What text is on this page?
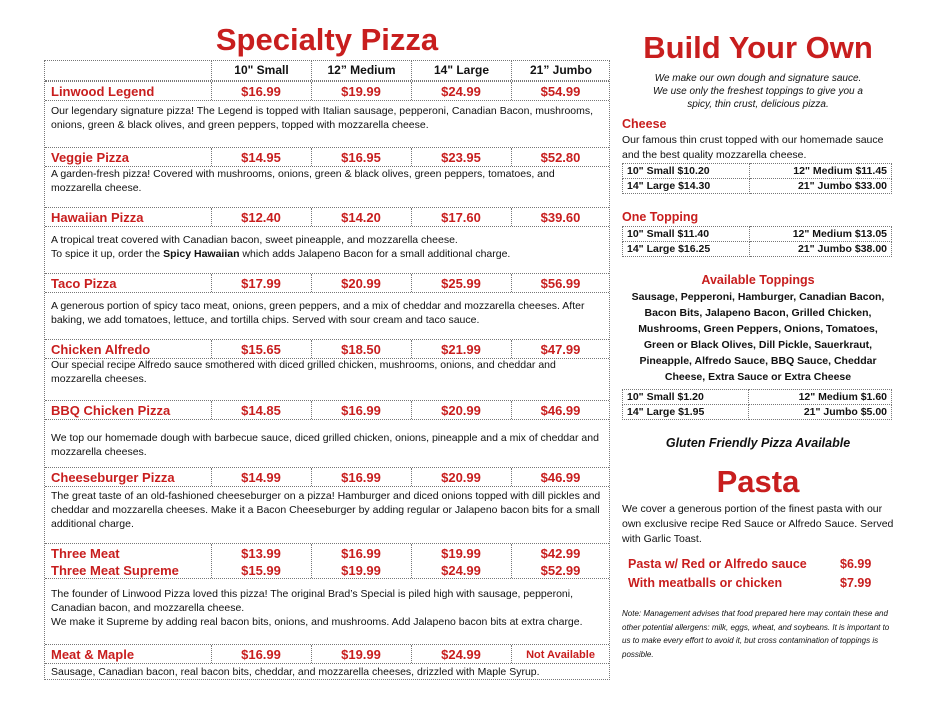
Specialty Pizza
10" Small	12” Medium	14" Large	21” Jumbo
Linwood Legend	$16.99	$19.99	$24.99	$54.99
Our legendary signature pizza! The Legend is topped with Italian sausage, pepperoni, Canadian Bacon, mushrooms, onions, green & black olives, and green peppers, topped with mozzarella cheese.
Veggie Pizza	$14.95	$16.95	$23.95	$52.80
A garden-fresh pizza! Covered with mushrooms, onions, green & black olives, green peppers, tomatoes, and mozzarella cheese.
Hawaiian Pizza	$12.40	$14.20	$17.60	$39.60
A tropical treat covered with Canadian bacon, sweet pineapple, and mozzarella cheese.
To spice it up, order the Spicy Hawaiian which adds Jalapeno Bacon for a small additional charge.
Taco Pizza	$17.99	$20.99	$25.99	$56.99
A generous portion of spicy taco meat, onions, green peppers, and a mix of cheddar and mozzarella cheeses. After baking, we add tomatoes, lettuce, and tortilla chips. Served with sour cream and taco sauce.
Chicken Alfredo	$15.65	$18.50	$21.99	$47.99
Our special recipe Alfredo sauce smothered with diced grilled chicken, mushrooms, onions, and cheddar and mozzarella cheeses.
BBQ Chicken Pizza	$14.85	$16.99	$20.99	$46.99
We top our homemade dough with barbecue sauce, diced grilled chicken, onions, pineapple and a mix of cheddar and mozzarella cheeses.
Cheeseburger Pizza	$14.99	$16.99	$20.99	$46.99
The great taste of an old-fashioned cheeseburger on a pizza! Hamburger and diced onions topped with dill pickles and cheddar and mozzarella cheeses. Make it a Bacon Cheeseburger by adding regular or Jalapeno bacon bits for a small additional charge.
Three Meat	$13.99	$16.99	$19.99	$42.99
Three Meat Supreme	$15.99	$19.99	$24.99	$52.99
The founder of Linwood Pizza loved this pizza! The original Brad’s Special is piled high with sausage, pepperoni, Canadian bacon, and mozzarella cheese.
We make it Supreme by adding real bacon bits, onions, and mushrooms. Add Jalapeno bacon bits at extra charge.
Meat & Maple	$16.99	$19.99	$24.99	Not Available
Sausage, Canadian bacon, real bacon bits, cheddar, and mozzarella cheeses, drizzled with Maple Syrup.
Build Your Own
We make our own dough and signature sauce.
We use only the freshest toppings to give you a spicy, thin crust, delicious pizza.
Cheese
Our famous thin crust topped with our homemade sauce and the best quality mozzarella cheese.
10" Small $10.20	12" Medium $11.45
14" Large $14.30	21" Jumbo $33.00
One Topping
10" Small $11.40	12" Medium $13.05
14" Large $16.25	21" Jumbo $38.00
Available Toppings
Sausage, Pepperoni, Hamburger, Canadian Bacon, Bacon Bits, Jalapeno Bacon, Grilled Chicken, Mushrooms, Green Peppers, Onions, Tomatoes, Green or Black Olives, Dill Pickle, Sauerkraut, Pineapple, Alfredo Sauce, BBQ Sauce, Cheddar Cheese, Extra Sauce or Extra Cheese
10" Small $1.20	12" Medium $1.60
14" Large $1.95	21" Jumbo $5.00
Gluten Friendly Pizza Available
Pasta
We cover a generous portion of the finest pasta with our own exclusive recipe Red Sauce or Alfredo Sauce. Served with Garlic Toast.
Pasta w/ Red or Alfredo sauce	$6.99
With meatballs or chicken	$7.99
Note: Management advises that food prepared here may contain these and other potential allergens: milk, eggs, wheat, and soybeans. It is important to us to make every effort to avoid it, but cross contamination of toppings is possible.
